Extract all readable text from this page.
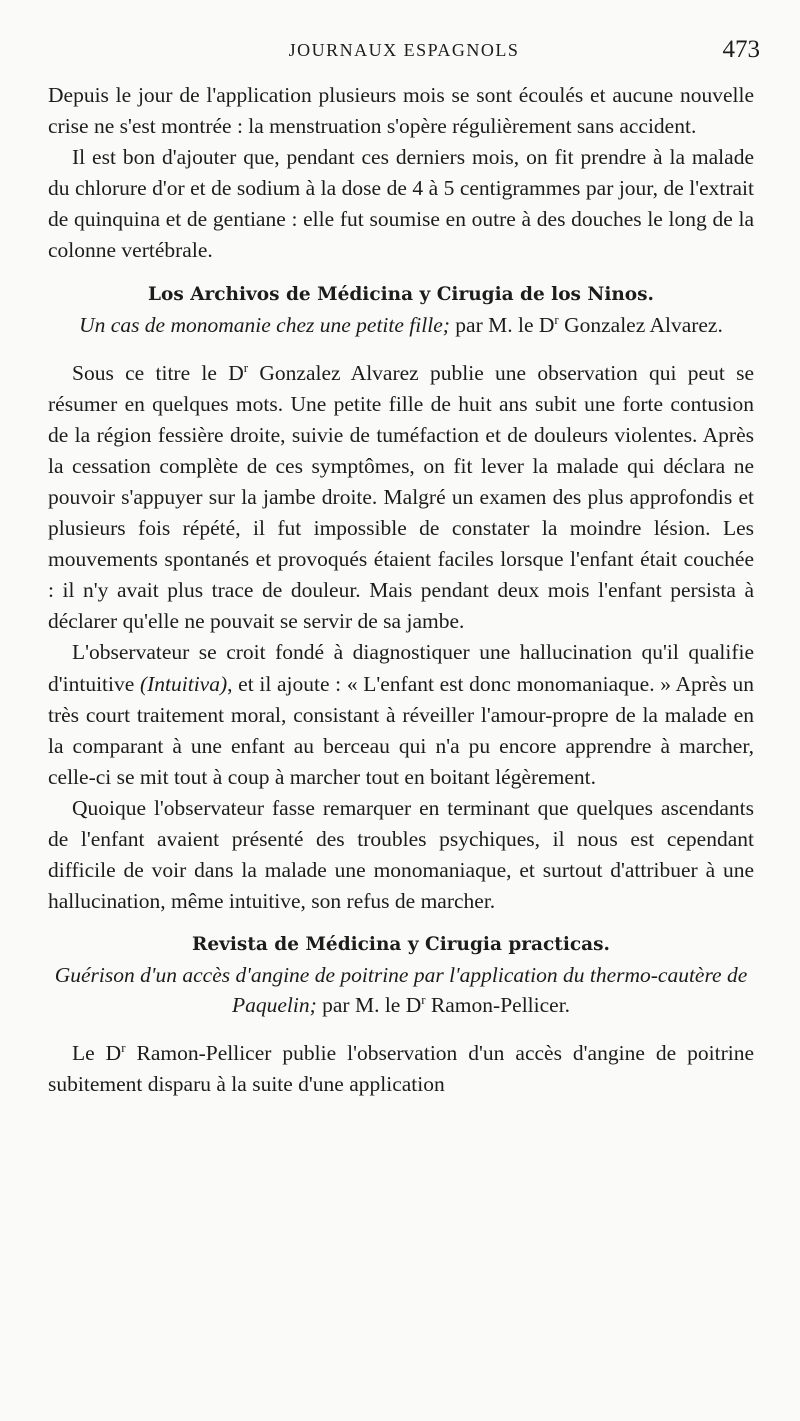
JOURNAUX ESPAGNOLS	473

Depuis le jour de l'application plusieurs mois se sont écoulés et aucune nouvelle crise ne s'est montrée : la menstruation s'opère régulièrement sans accident.

Il est bon d'ajouter que, pendant ces derniers mois, on fit prendre à la malade du chlorure d'or et de sodium à la dose de 4 à 5 centigrammes par jour, de l'extrait de quinquina et de gentiane : elle fut soumise en outre à des douches le long de la colonne vertébrale.

Los Archivos de Médicina y Cirugia de los Ninos.
Un cas de monomanie chez une petite fille; par M. le $D^r$ Gonzalez Alvarez.

Sous ce titre le $D^r$ Gonzalez Alvarez publie une observation qui peut se résumer en quelques mots. Une petite fille de huit ans subit une forte contusion de la région fessière droite, suivie de tuméfaction et de douleurs violentes. Après la cessation complète de ces symptômes, on fit lever la malade qui déclara ne pouvoir s'appuyer sur la jambe droite. Malgré un examen des plus approfondis et plusieurs fois répété, il fut impossible de constater la moindre lésion. Les mouvements spontanés et provoqués étaient faciles lorsque l'enfant était couchée : il n'y avait plus trace de douleur. Mais pendant deux mois l'enfant persista à déclarer qu'elle ne pouvait se servir de sa jambe.

L'observateur se croit fondé à diagnostiquer une hallucination qu'il qualifie d'intuitive (Intuitiva), et il ajoute : « L'enfant est donc monomaniaque. » Après un très court traitement moral, consistant à réveiller l'amour-propre de la malade en la comparant à une enfant au berceau qui n'a pu encore apprendre à marcher, celle-ci se mit tout à coup à marcher tout en boitant légèrement.

Quoique l'observateur fasse remarquer en terminant que quelques ascendants de l'enfant avaient présenté des troubles psychiques, il nous est cependant difficile de voir dans la malade une monomaniaque, et surtout d'attribuer à une hallucination, même intuitive, son refus de marcher.

Revista de Médicina y Cirugia practicas.
Guérison d'un accès d'angine de poitrine par l'application du thermo-cautère de Paquelin; par M. le $D^r$ Ramon-Pellicer.

Le $D^r$ Ramon-Pellicer publie l'observation d'un accès d'angine de poitrine subitement disparu à la suite d'une application
